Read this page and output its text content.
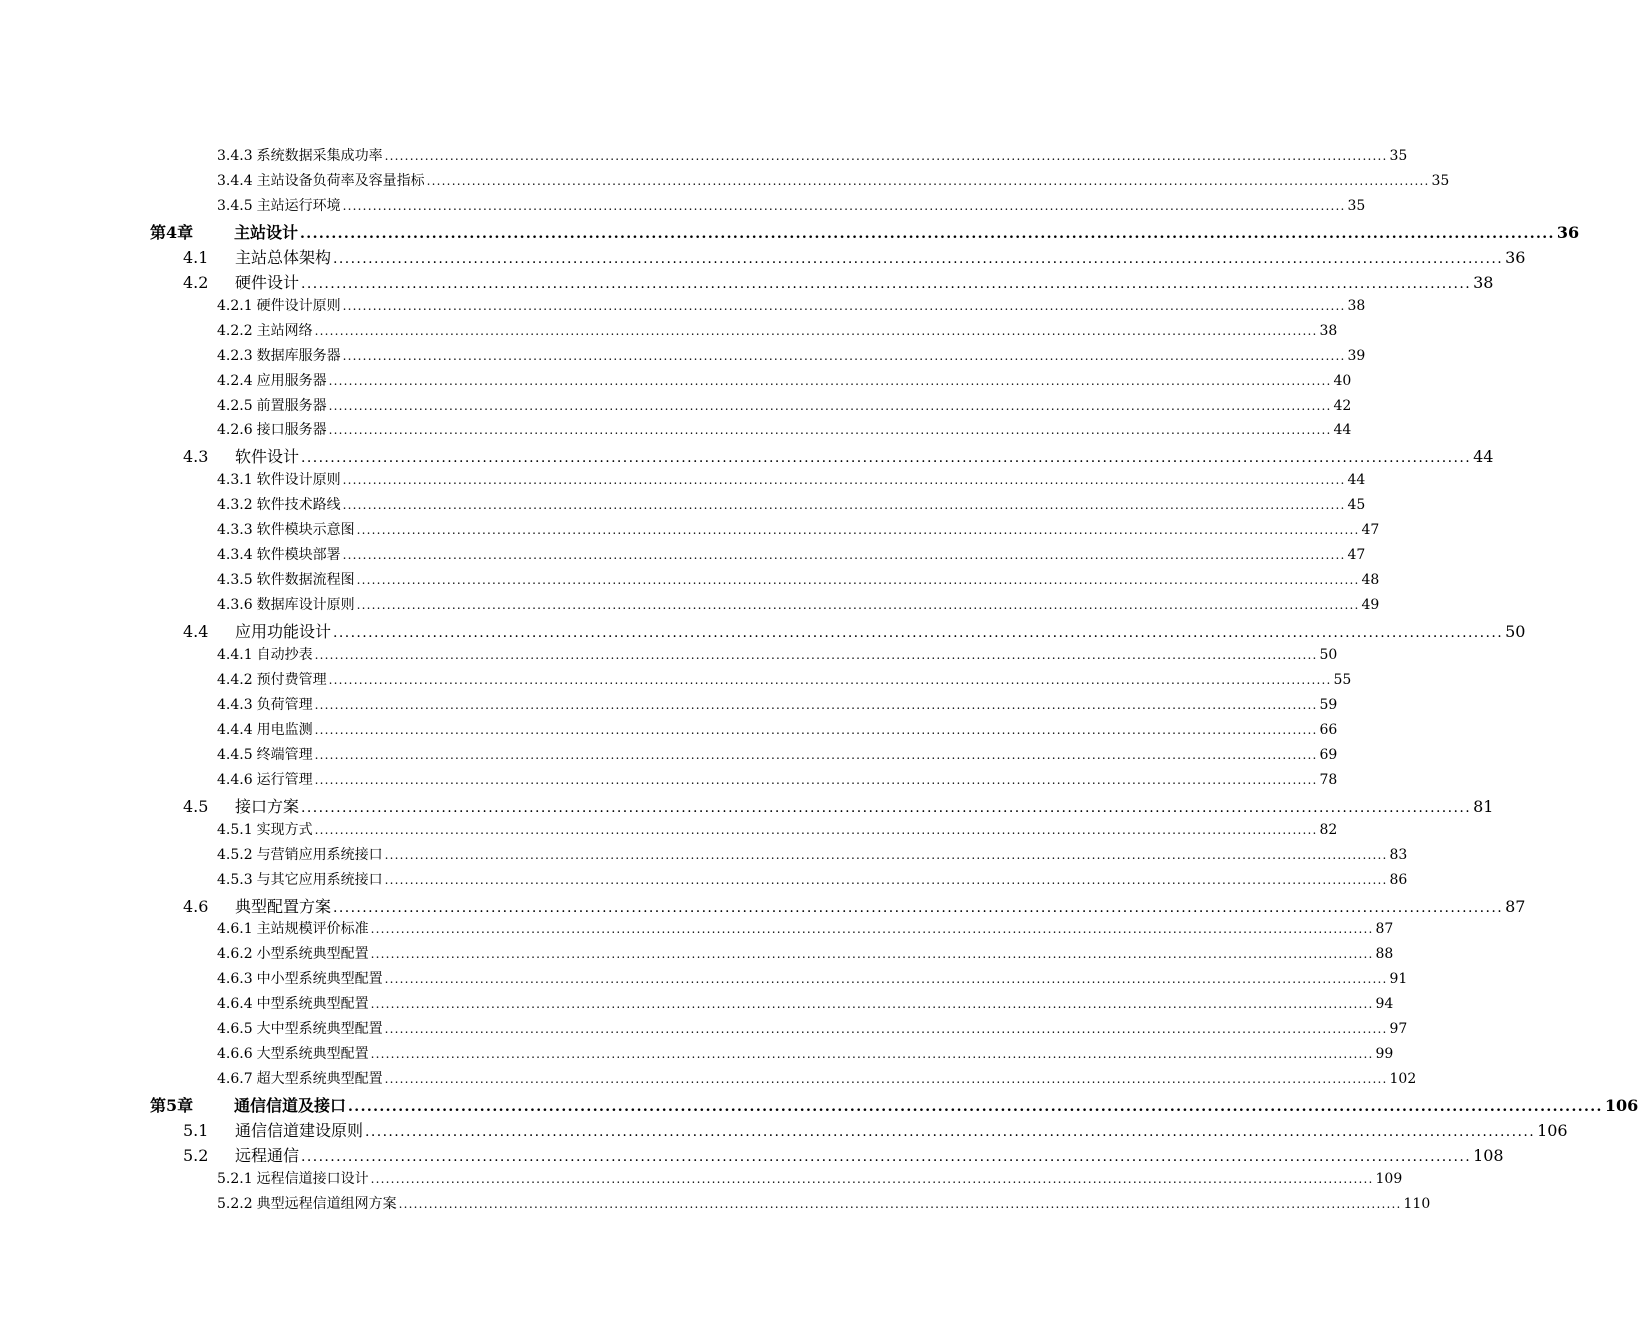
3.4.3 系统数据采集成功率 ........................................................................................................................................................................................................ 35
3.4.4 主站设备负荷率及容量指标 ........................................................................................................................................................................................................ 35
3.4.5 主站运行环境 ........................................................................................................................................................................................................ 35
第4章	主站设计 ........................................................................................................................................................................................................ 36
4.1	主站总体架构 ........................................................................................................................................................................................................ 36
4.2	硬件设计 ........................................................................................................................................................................................................ 38
4.2.1 硬件设计原则 ........................................................................................................................................................................................................ 38
4.2.2 主站网络 ........................................................................................................................................................................................................ 38
4.2.3 数据库服务器 ........................................................................................................................................................................................................ 39
4.2.4 应用服务器 ........................................................................................................................................................................................................ 40
4.2.5 前置服务器 ........................................................................................................................................................................................................ 42
4.2.6 接口服务器 ........................................................................................................................................................................................................ 44
4.3	软件设计 ........................................................................................................................................................................................................ 44
4.3.1 软件设计原则 ........................................................................................................................................................................................................ 44
4.3.2 软件技术路线 ........................................................................................................................................................................................................ 45
4.3.3 软件模块示意图 ........................................................................................................................................................................................................ 47
4.3.4 软件模块部署 ........................................................................................................................................................................................................ 47
4.3.5 软件数据流程图 ........................................................................................................................................................................................................ 48
4.3.6 数据库设计原则 ........................................................................................................................................................................................................ 49
4.4	应用功能设计 ........................................................................................................................................................................................................ 50
4.4.1 自动抄表 ........................................................................................................................................................................................................ 50
4.4.2 预付费管理 ........................................................................................................................................................................................................ 55
4.4.3 负荷管理 ........................................................................................................................................................................................................ 59
4.4.4 用电监测 ........................................................................................................................................................................................................ 66
4.4.5 终端管理 ........................................................................................................................................................................................................ 69
4.4.6 运行管理 ........................................................................................................................................................................................................ 78
4.5	接口方案 ........................................................................................................................................................................................................ 81
4.5.1 实现方式 ........................................................................................................................................................................................................ 82
4.5.2 与营销应用系统接口 ........................................................................................................................................................................................................ 83
4.5.3 与其它应用系统接口 ........................................................................................................................................................................................................ 86
4.6	典型配置方案 ........................................................................................................................................................................................................ 87
4.6.1 主站规模评价标准 ........................................................................................................................................................................................................ 87
4.6.2 小型系统典型配置 ........................................................................................................................................................................................................ 88
4.6.3 中小型系统典型配置 ........................................................................................................................................................................................................ 91
4.6.4 中型系统典型配置 ........................................................................................................................................................................................................ 94
4.6.5 大中型系统典型配置 ........................................................................................................................................................................................................ 97
4.6.6 大型系统典型配置 ........................................................................................................................................................................................................ 99
4.6.7 超大型系统典型配置 ........................................................................................................................................................................................................ 102
第5章	通信信道及接口 ........................................................................................................................................................................................................ 106
5.1	通信信道建设原则 ........................................................................................................................................................................................................ 106
5.2	远程通信 ........................................................................................................................................................................................................ 108
5.2.1 远程信道接口设计 ........................................................................................................................................................................................................ 109
5.2.2 典型远程信道组网方案 ........................................................................................................................................................................................................ 110
